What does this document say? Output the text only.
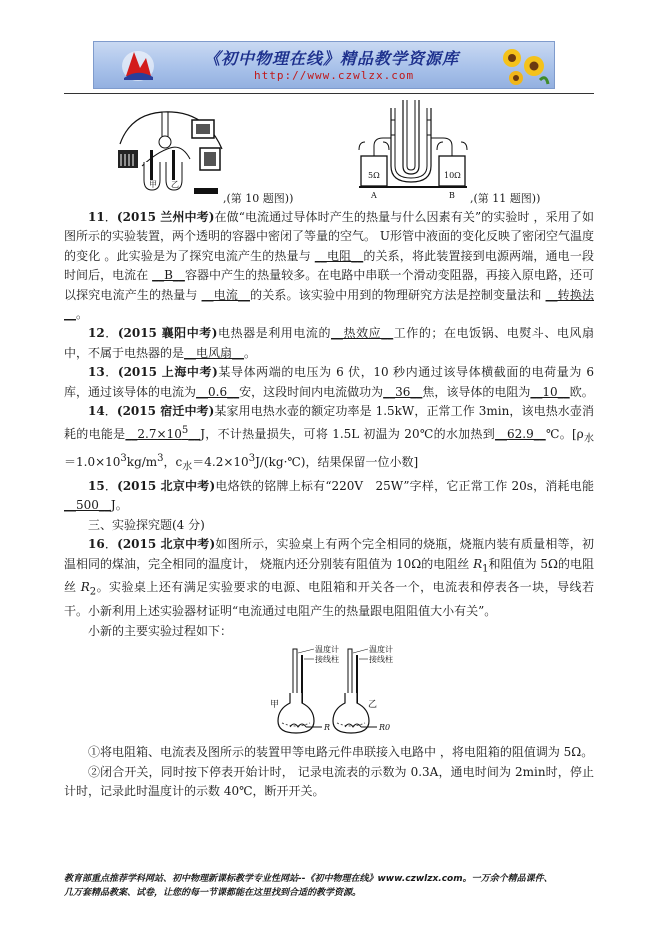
《初中物理在线》精品教学资源库
http://www.czwlzx.com
甲 乙
,(第 10 题图))
5Ω	10Ω
A	B ,(第 11 题图))

11．(2015 兰州中考)在做“电流通过导体时产生的热量与什么因素有关”的实验时 ，采用了如图所示的实验装置，两个透明的容器中密闭了等量的空气。 U形管中液面的变化反映了密闭空气温度的变化 。此实验是为了探究电流产生的热量与 __电阻__的关系，将此装置接到电源两端，通电一段时间后，电流在 __B__容器中产生的热量较多。在电路中串联一个滑动变阻器，再接入原电路，还可以探究电流产生的热量与 __电流__的关系。该实验中用到的物理研究方法是控制变量法和 __转换法__。

12．(2015 襄阳中考)电热器是利用电流的__热效应__工作的；在电饭锅、电熨斗、电风扇中，不属于电热器的是__电风扇__。

13．(2015 上海中考)某导体两端的电压为 6 伏，10 秒内通过该导体横截面的电荷量为 6 库，通过该导体的电流为__0.6__安，这段时间内电流做功为__36__焦，该导体的电阻为__10__欧。

14．(2015 宿迁中考)某家用电热水壶的额定功率是 1.5kW，正常工作 3min，该电热水壶消耗的电能是$\_\_2.7\times 10^5\_\_J$，不计热量损失，可将 1.5L 初温为 20℃的水加热到__62.9__℃。[$\rho_水=1.0\times 10^3kg/m^3$，$c_水=4.2\times 10^3J/(kg\cdot℃)$，结果保留一位小数]

15．(2015 北京中考)电烙铁的铭牌上标有“220V　25W”字样，它正常工作 20s，消耗电能__500__J。

三、实验探究题(4 分)

16．(2015 北京中考)如图所示，实验桌上有两个完全相同的烧瓶，烧瓶内装有质量相等，初温相同的煤油，完全相同的温度计， 烧瓶内还分别装有阻值为 10Ω的电阻丝 $R_1$和阻值为 5Ω的电阻丝 $R_2$。实验桌上还有满足实验要求的电源、电阻箱和开关各一个，电流表和停表各一块，导线若干。小新利用上述实验器材证明“电流通过电阻产生的热量跟电阻阻值大小有关”。

小新的主要实验过程如下：

温度计
接线柱
温度计
接线柱
甲	乙
R	R0

①将电阻箱、电流表及图所示的装置甲等电路元件串联接入电路中 ，将电阻箱的阻值调为 5Ω。

②闭合开关，同时按下停表开始计时， 记录电流表的示数为 0.3A，通电时间为 2min时，停止计时，记录此时温度计的示数 40℃，断开开关。

教育部重点推荐学科网站、初中物理新课标教学专业性网站--《初中物理在线》www.czwlzx.com。一万余个精品课件、
几万套精品教案、试卷，让您的每一节课都能在这里找到合适的教学资源。
